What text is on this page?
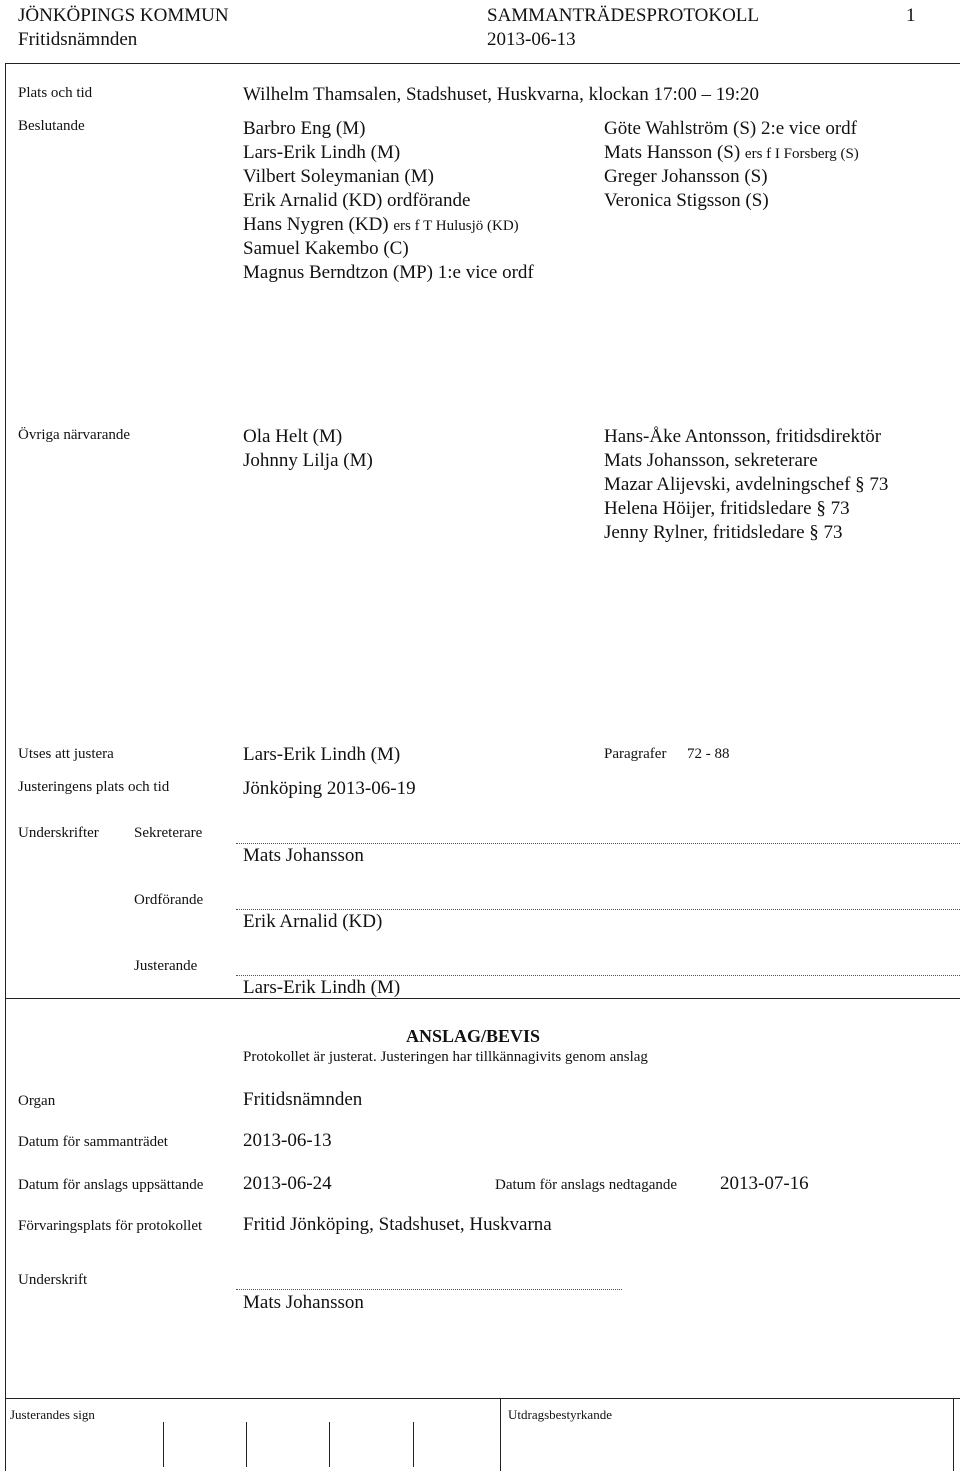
JÖNKÖPINGS KOMMUN	SAMMANTRÄDESPROTOKOLL	1
Fritidsnämnden	2013-06-13
Plats och tid	Wilhelm Thamsalen, Stadshuset, Huskvarna, klockan 17:00 – 19:20
Beslutande	Barbro Eng (M)
Lars-Erik Lindh (M)
Vilbert Soleymanian (M)
Erik Arnalid (KD) ordförande
Hans Nygren (KD) ers f T Hulusjö (KD)
Samuel Kakembo (C)
Magnus Berndtzon (MP) 1:e vice ordf
Göte Wahlström (S) 2:e vice ordf
Mats Hansson (S) ers f I Forsberg (S)
Greger Johansson (S)
Veronica Stigsson (S)
Övriga närvarande	Ola Helt (M)
Johnny Lilja (M)
Hans-Åke Antonsson, fritidsdirektör
Mats Johansson, sekreterare
Mazar Alijevski, avdelningschef § 73
Helena Höijer, fritidsledare § 73
Jenny Rylner, fritidsledare § 73
Utses att justera	Lars-Erik Lindh (M)	Paragrafer 72 - 88
Justeringens plats och tid	Jönköping 2013-06-19
Underskrifter Sekreterare
Mats Johansson
Ordförande
Erik Arnalid (KD)
Justerande
Lars-Erik Lindh (M)
ANSLAG/BEVIS
Protokollet är justerat. Justeringen har tillkännagivits genom anslag
Organ	Fritidsnämnden
Datum för sammanträdet	2013-06-13
Datum för anslags uppsättande 2013-06-24	Datum för anslags nedtagande 2013-07-16
Förvaringsplats för protokollet Fritid Jönköping, Stadshuset, Huskvarna
Underskrift
Mats Johansson
Justerandes sign	Utdragsbestyrkande
